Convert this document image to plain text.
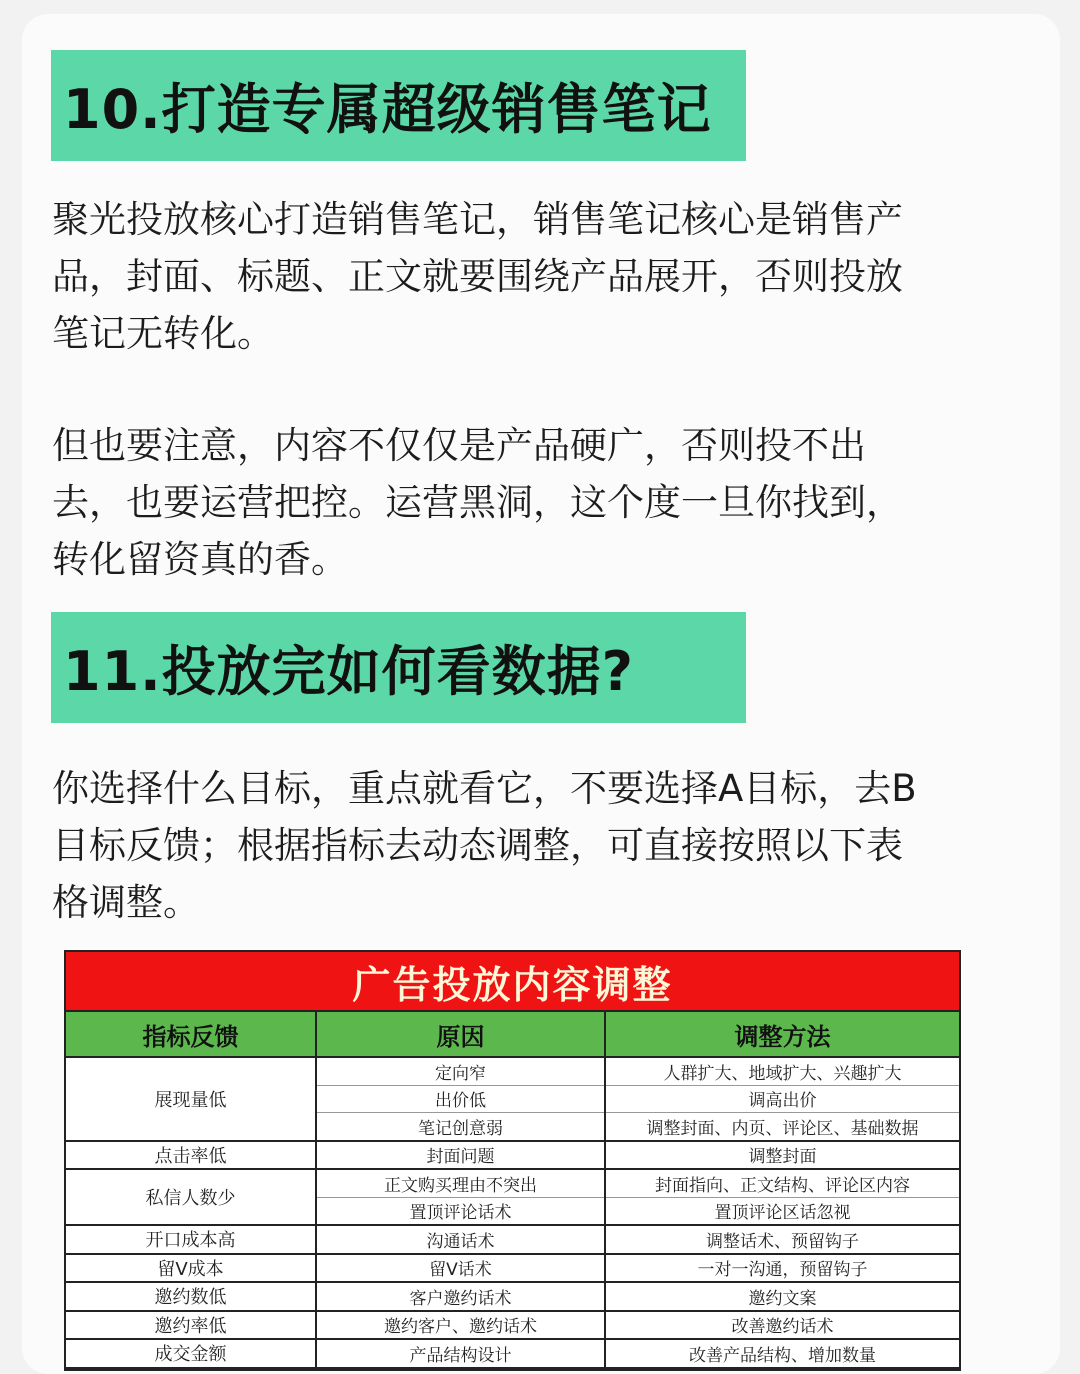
10.打造专属超级销售笔记
聚光投放核心打造销售笔记，销售笔记核心是销售产
品，封面、标题、正文就要围绕产品展开，否则投放
笔记无转化。
但也要注意，内容不仅仅是产品硬广，否则投不出
去，也要运营把控。运营黑洞，这个度一旦你找到，
转化留资真的香。
11.投放完如何看数据?
你选择什么目标，重点就看它，不要选择A目标，去B
目标反馈；根据指标去动态调整，可直接按照以下表
格调整。
广告投放内容调整
指标反馈	原因	调整方法
展现量低	定向窄	人群扩大、地域扩大、兴趣扩大
	出价低	调高出价
	笔记创意弱	调整封面、内页、评论区、基础数据
点击率低	封面问题	调整封面
私信人数少	正文购买理由不突出	封面指向、正文结构、评论区内容
	置顶评论话术	置顶评论区话忽视
开口成本高	沟通话术	调整话术、预留钩子
留V成本	留V话术	一对一沟通，预留钩子
邀约数低	客户邀约话术	邀约文案
邀约率低	邀约客户、邀约话术	改善邀约话术
成交金额	产品结构设计	改善产品结构、增加数量
